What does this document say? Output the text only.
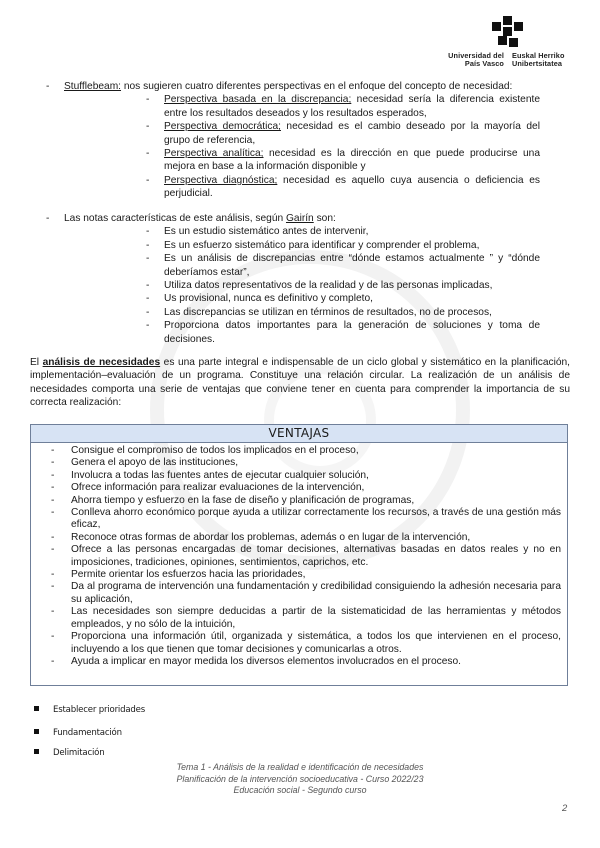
Universidad del País Vasco
Euskal Herriko Unibertsitatea
- Stufflebeam: nos sugieren cuatro diferentes perspectivas en el enfoque del concepto de necesidad:
- Perspectiva basada en la discrepancia; necesidad sería la diferencia existente entre los resultados deseados y los resultados esperados,
- Perspectiva democrática; necesidad es el cambio deseado por la mayoría del grupo de referencia,
- Perspectiva analítica; necesidad es la dirección en que puede producirse una mejora en base a la información disponible y
- Perspectiva diagnóstica; necesidad es aquello cuya ausencia o deficiencia es perjudicial.
- Las notas características de este análisis, según Gairín son:
- Es un estudio sistemático antes de intervenir,
- Es un esfuerzo sistemático para identificar y comprender el problema,
- Es un análisis de discrepancias entre “dónde estamos actualmente ” y “dónde deberíamos estar”,
- Utiliza datos representativos de la realidad y de las personas implicadas,
- Us provisional, nunca es definitivo y completo,
- Las discrepancias se utilizan en términos de resultados, no de procesos,
- Proporciona datos importantes para la generación de soluciones y toma de decisiones.
El análisis de necesidades es una parte integral e indispensable de un ciclo global y sistemático en la planificación, implementación–evaluación de un programa. Constituye una relación circular. La realización de un análisis de necesidades comporta una serie de ventajas que conviene tener en cuenta para comprender la importancia de su correcta realización:
VENTAJAS
- Consigue el compromiso de todos los implicados en el proceso,
- Genera el apoyo de las instituciones,
- Involucra a todas las fuentes antes de ejecutar cualquier solución,
- Ofrece información para realizar evaluaciones de la intervención,
- Ahorra tiempo y esfuerzo en la fase de diseño y planificación de programas,
- Conlleva ahorro económico porque ayuda a utilizar correctamente los recursos, a través de una gestión más eficaz,
- Reconoce otras formas de abordar los problemas, además o en lugar de la intervención,
- Ofrece a las personas encargadas de tomar decisiones, alternativas basadas en datos reales y no en imposiciones, tradiciones, opiniones, sentimientos, caprichos, etc.
- Permite orientar los esfuerzos hacia las prioridades,
- Da al programa de intervención una fundamentación y credibilidad consiguiendo la adhesión necesaria para su aplicación,
- Las necesidades son siempre deducidas a partir de la sistematicidad de las herramientas y métodos empleados, y no sólo de la intuición,
- Proporciona una información útil, organizada y sistemática, a todos los que intervienen en el proceso, incluyendo a los que tienen que tomar decisiones y comunicarlas a otros.
- Ayuda a implicar en mayor medida los diversos elementos involucrados en el proceso.
Establecer prioridades
Fundamentación
Delimitación
Tema 1 - Análisis de la realidad e identificación de necesidades
Planificación de la intervención socioeducativa - Curso 2022/23
Educación social - Segundo curso
2
